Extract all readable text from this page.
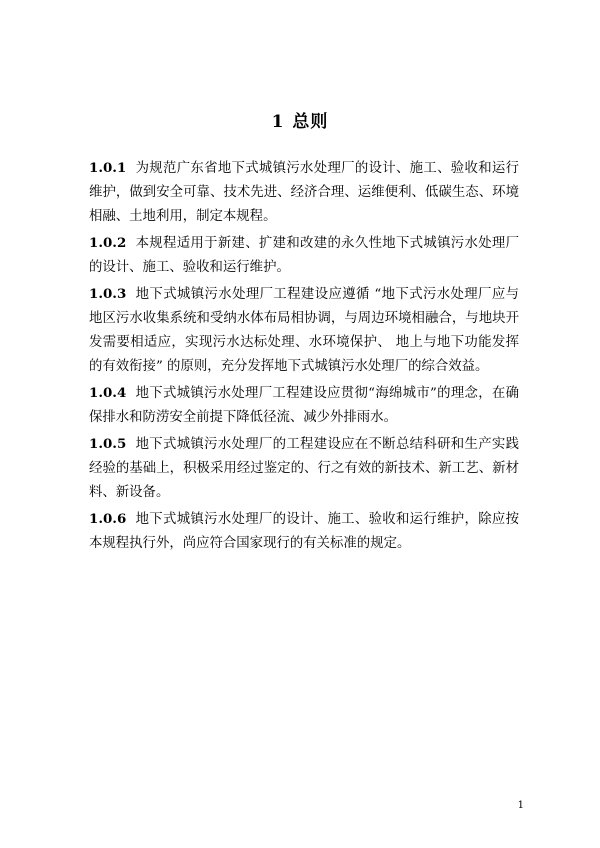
1 总则

1.0.1 为规范广东省地下式城镇污水处理厂的设计、施工、验收和运行维护，做到安全可靠、技术先进、经济合理、运维便利、低碳生态、环境相融、土地利用，制定本规程。

1.0.2 本规程适用于新建、扩建和改建的永久性地下式城镇污水处理厂的设计、施工、验收和运行维护。

1.0.3 地下式城镇污水处理厂工程建设应遵循 “地下式污水处理厂应与地区污水收集系统和受纳水体布局相协调，与周边环境相融合，与地块开发需要相适应，实现污水达标处理、水环境保护、 地上与地下功能发挥的有效衔接” 的原则，充分发挥地下式城镇污水处理厂的综合效益。

1.0.4 地下式城镇污水处理厂工程建设应贯彻“海绵城市”的理念，在确保排水和防涝安全前提下降低径流、减少外排雨水。

1.0.5 地下式城镇污水处理厂的工程建设应在不断总结科研和生产实践经验的基础上，积极采用经过鉴定的、行之有效的新技术、新工艺、新材料、新设备。

1.0.6 地下式城镇污水处理厂的设计、施工、验收和运行维护，除应按本规程执行外，尚应符合国家现行的有关标准的规定。

1
